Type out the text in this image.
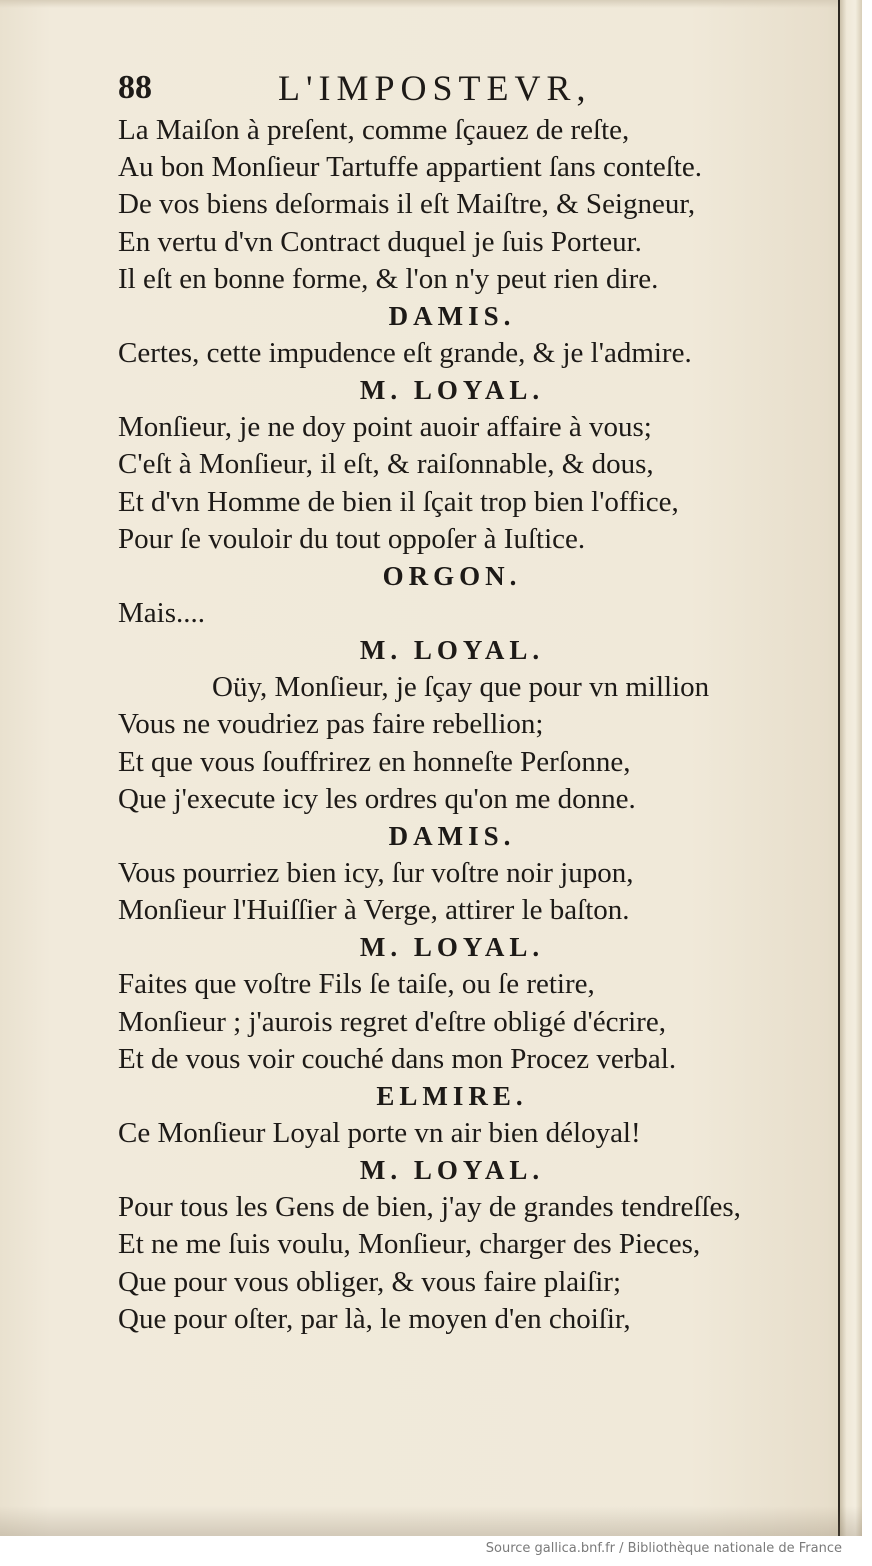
88	L'IMPOSTEVR,
La Maiſon à preſent, comme ſçauez de reſte,
Au bon Monſieur Tartuffe appartient ſans conteſte.
De vos biens deſormais il eſt Maiſtre, & Seigneur,
En vertu d'vn Contract duquel je ſuis Porteur.
Il eſt en bonne forme, & l'on n'y peut rien dire.
DAMIS.
Certes, cette impudence eſt grande, & je l'admire.
M. LOYAL.
Monſieur, je ne doy point auoir affaire à vous;
C'eſt à Monſieur, il eſt, & raiſonnable, & dous,
Et d'vn Homme de bien il ſçait trop bien l'office,
Pour ſe vouloir du tout oppoſer à Iuſtice.
ORGON.
Mais....
M. LOYAL.
Oüy, Monſieur, je ſçay que pour vn million
Vous ne voudriez pas faire rebellion;
Et que vous ſouffrirez en honneſte Perſonne,
Que j'execute icy les ordres qu'on me donne.
DAMIS.
Vous pourriez bien icy, ſur voſtre noir jupon,
Monſieur l'Huiſſier à Verge, attirer le baſton.
M. LOYAL.
Faites que voſtre Fils ſe taiſe, ou ſe retire,
Monſieur ; j'aurois regret d'eſtre obligé d'écrire,
Et de vous voir couché dans mon Procez verbal.
ELMIRE.
Ce Monſieur Loyal porte vn air bien déloyal!
M. LOYAL.
Pour tous les Gens de bien, j'ay de grandes tendreſſes,
Et ne me ſuis voulu, Monſieur, charger des Pieces,
Que pour vous obliger, & vous faire plaiſir;
Que pour oſter, par là, le moyen d'en choiſir,
Source gallica.bnf.fr / Bibliothèque nationale de France
